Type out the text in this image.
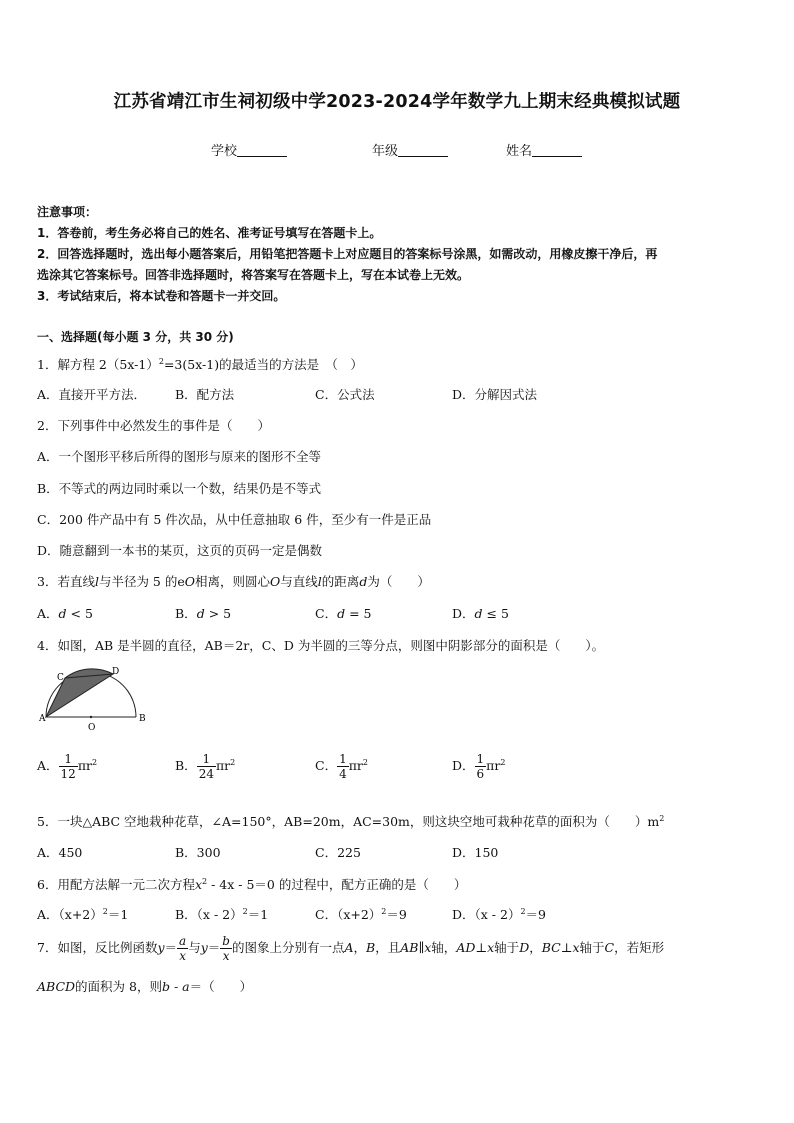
江苏省靖江市生祠初级中学2023-2024学年数学九上期末经典模拟试题
学校	年级	姓名
注意事项：
1．答卷前，考生务必将自己的姓名、准考证号填写在答题卡上。
2．回答选择题时，选出每小题答案后，用铅笔把答题卡上对应题目的答案标号涂黑，如需改动，用橡皮擦干净后，再
选涂其它答案标号。回答非选择题时，将答案写在答题卡上，写在本试卷上无效。
3．考试结束后，将本试卷和答题卡一并交回。
一、选择题(每小题 3 分，共 30 分)
1．解方程 $2(5x-1)^2=3(5x-1)$的最适当的方法是　（　）
A．直接开平方法． B．配方法	C．公式法	D．分解因式法
2．下列事件中必然发生的事件是（　　）
A．一个图形平移后所得的图形与原来的图形不全等
B．不等式的两边同时乘以一个数，结果仍是不等式
C．200 件产品中有 5 件次品，从中任意抽取 6 件，至少有一件是正品
D．随意翻到一本书的某页，这页的页码一定是偶数
3．若直线l与半径为 5 的eO相离，则圆心O与直线l的距离d为（　　）
A．d < 5	B．d > 5	C．d = 5	D．d ≤ 5
4．如图，AB 是半圆的直径，AB＝2r，C、D 为半圆的三等分点，则图中阴影部分的面积是（　　）。
A	B
C
D
O
A． $\frac{1}{12} \pi r^2$	B． $\frac{1}{24} \pi r^2$	C． $\frac{1}{4} \pi r^2$	D． $\frac{1}{6} \pi r^2$
5．一块△ABC 空地栽种花草，∠A=150°，AB=20m，AC=30m，则这块空地可栽种花草的面积为（　　）$m^2$
A．450	B．300	C．225	D．150
6．用配方法解一元二次方程$x^2 - 4x - 5=0$ 的过程中，配方正确的是（　　）
A．$(x+2)^2=1$	B．（x - 2）$^2$＝1	C．$(x+2)^2=9$	D．（x - 2）$^2$＝9
7．如图，反比例函数$y= \frac{a}{x}$ 与$y= \frac{b}{x}$ 的图象上分别有一点A，B，且AB∥x轴，AD⊥x轴于D，BC⊥x轴于C，若矩形
ABCD的面积为 8，则b - a＝（　　）
